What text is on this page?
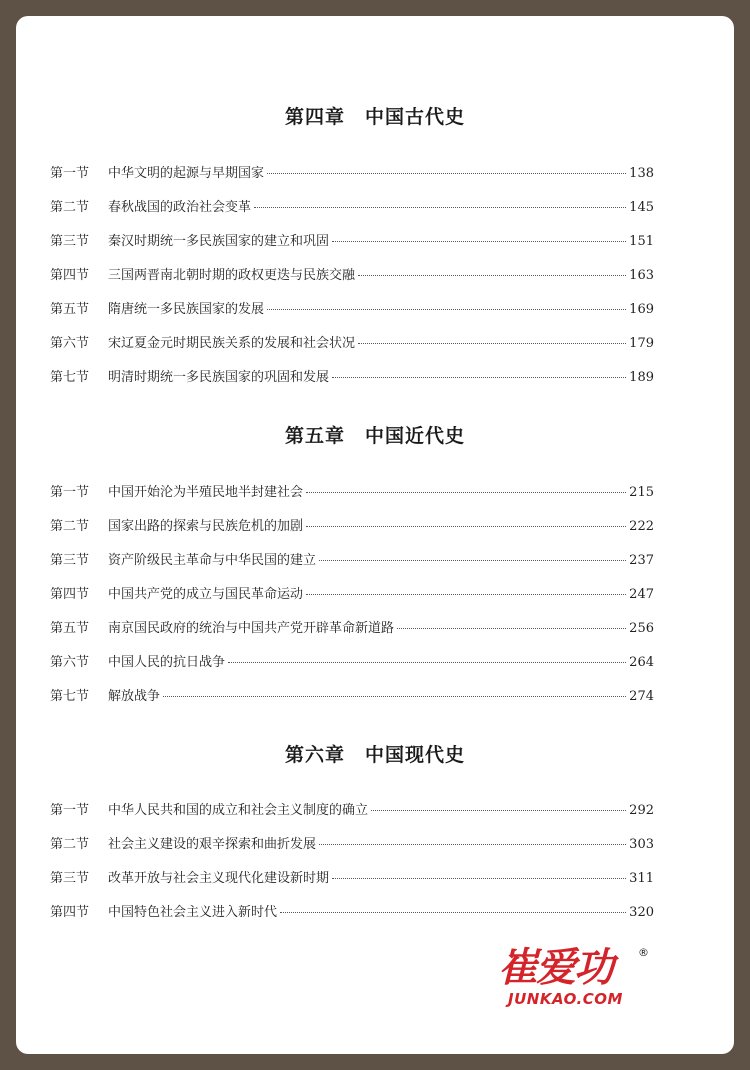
第四章　中国古代史
第一节	中华文明的起源与早期国家	138
第二节	春秋战国的政治社会变革	145
第三节	秦汉时期统一多民族国家的建立和巩固	151
第四节	三国两晋南北朝时期的政权更迭与民族交融	163
第五节	隋唐统一多民族国家的发展	169
第六节	宋辽夏金元时期民族关系的发展和社会状况	179
第七节	明清时期统一多民族国家的巩固和发展	189
第五章　中国近代史
第一节	中国开始沦为半殖民地半封建社会	215
第二节	国家出路的探索与民族危机的加剧	222
第三节	资产阶级民主革命与中华民国的建立	237
第四节	中国共产党的成立与国民革命运动	247
第五节	南京国民政府的统治与中国共产党开辟革命新道路	256
第六节	中国人民的抗日战争	264
第七节	解放战争	274
第六章　中国现代史
第一节	中华人民共和国的成立和社会主义制度的确立	292
第二节	社会主义建设的艰辛探索和曲折发展	303
第三节	改革开放与社会主义现代化建设新时期	311
第四节	中国特色社会主义进入新时代	320
崔爱功 ®
JUNKAO.COM
